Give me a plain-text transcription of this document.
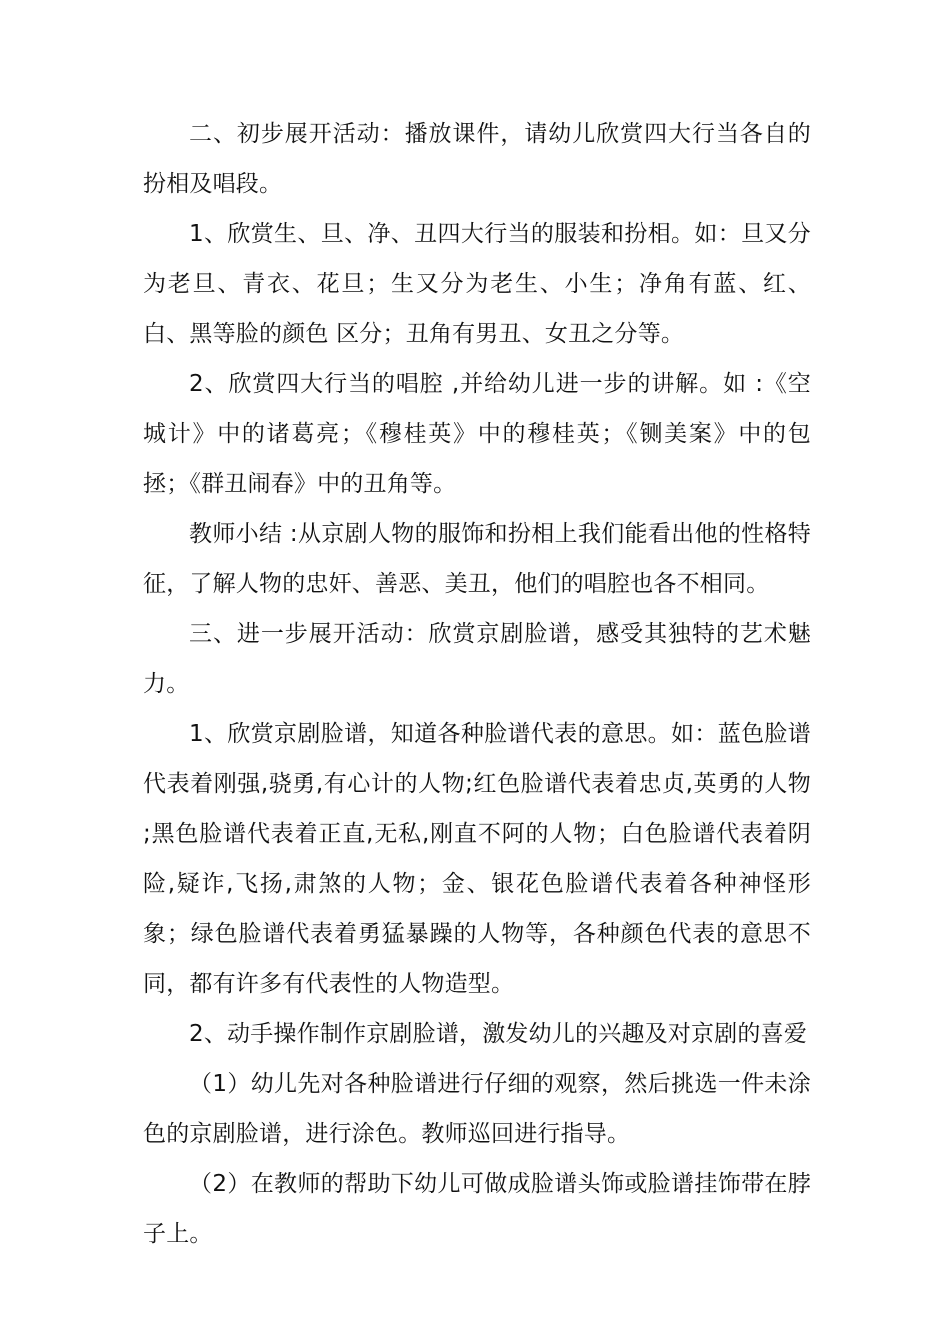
二、初步展开活动：播放课件，请幼儿欣赏四大行当各自的扮相及唱段。

1、欣赏生、旦、净、丑四大行当的服装和扮相。如：旦又分为老旦、青衣、花旦；生又分为老生、小生；净角有蓝、红、白、黑等脸的颜色 区分；丑角有男丑、女丑之分等。

2、欣赏四大行当的唱腔 ,并给幼儿进一步的讲解。如 :《空城计》中的诸葛亮；《穆桂英》中的穆桂英；《铡美案》中的包拯；《群丑闹春》中的丑角等。

教师小结 :从京剧人物的服饰和扮相上我们能看出他的性格特征，了解人物的忠奸、善恶、美丑，他们的唱腔也各不相同。

三、进一步展开活动：欣赏京剧脸谱，感受其独特的艺术魅力。

1、欣赏京剧脸谱，知道各种脸谱代表的意思。如：蓝色脸谱代表着刚强,骁勇,有心计的人物;红色脸谱代表着忠贞,英勇的人物 ;黑色脸谱代表着正直,无私,刚直不阿的人物；白色脸谱代表着阴险,疑诈,飞扬,肃煞的人物；金、银花色脸谱代表着各种神怪形象；绿色脸谱代表着勇猛暴躁的人物等，各种颜色代表的意思不同，都有许多有代表性的人物造型。

2、动手操作制作京剧脸谱，激发幼儿的兴趣及对京剧的喜爱

（1）幼儿先对各种脸谱进行仔细的观察，然后挑选一件未涂色的京剧脸谱，进行涂色。教师巡回进行指导。

（2）在教师的帮助下幼儿可做成脸谱头饰或脸谱挂饰带在脖子上。
